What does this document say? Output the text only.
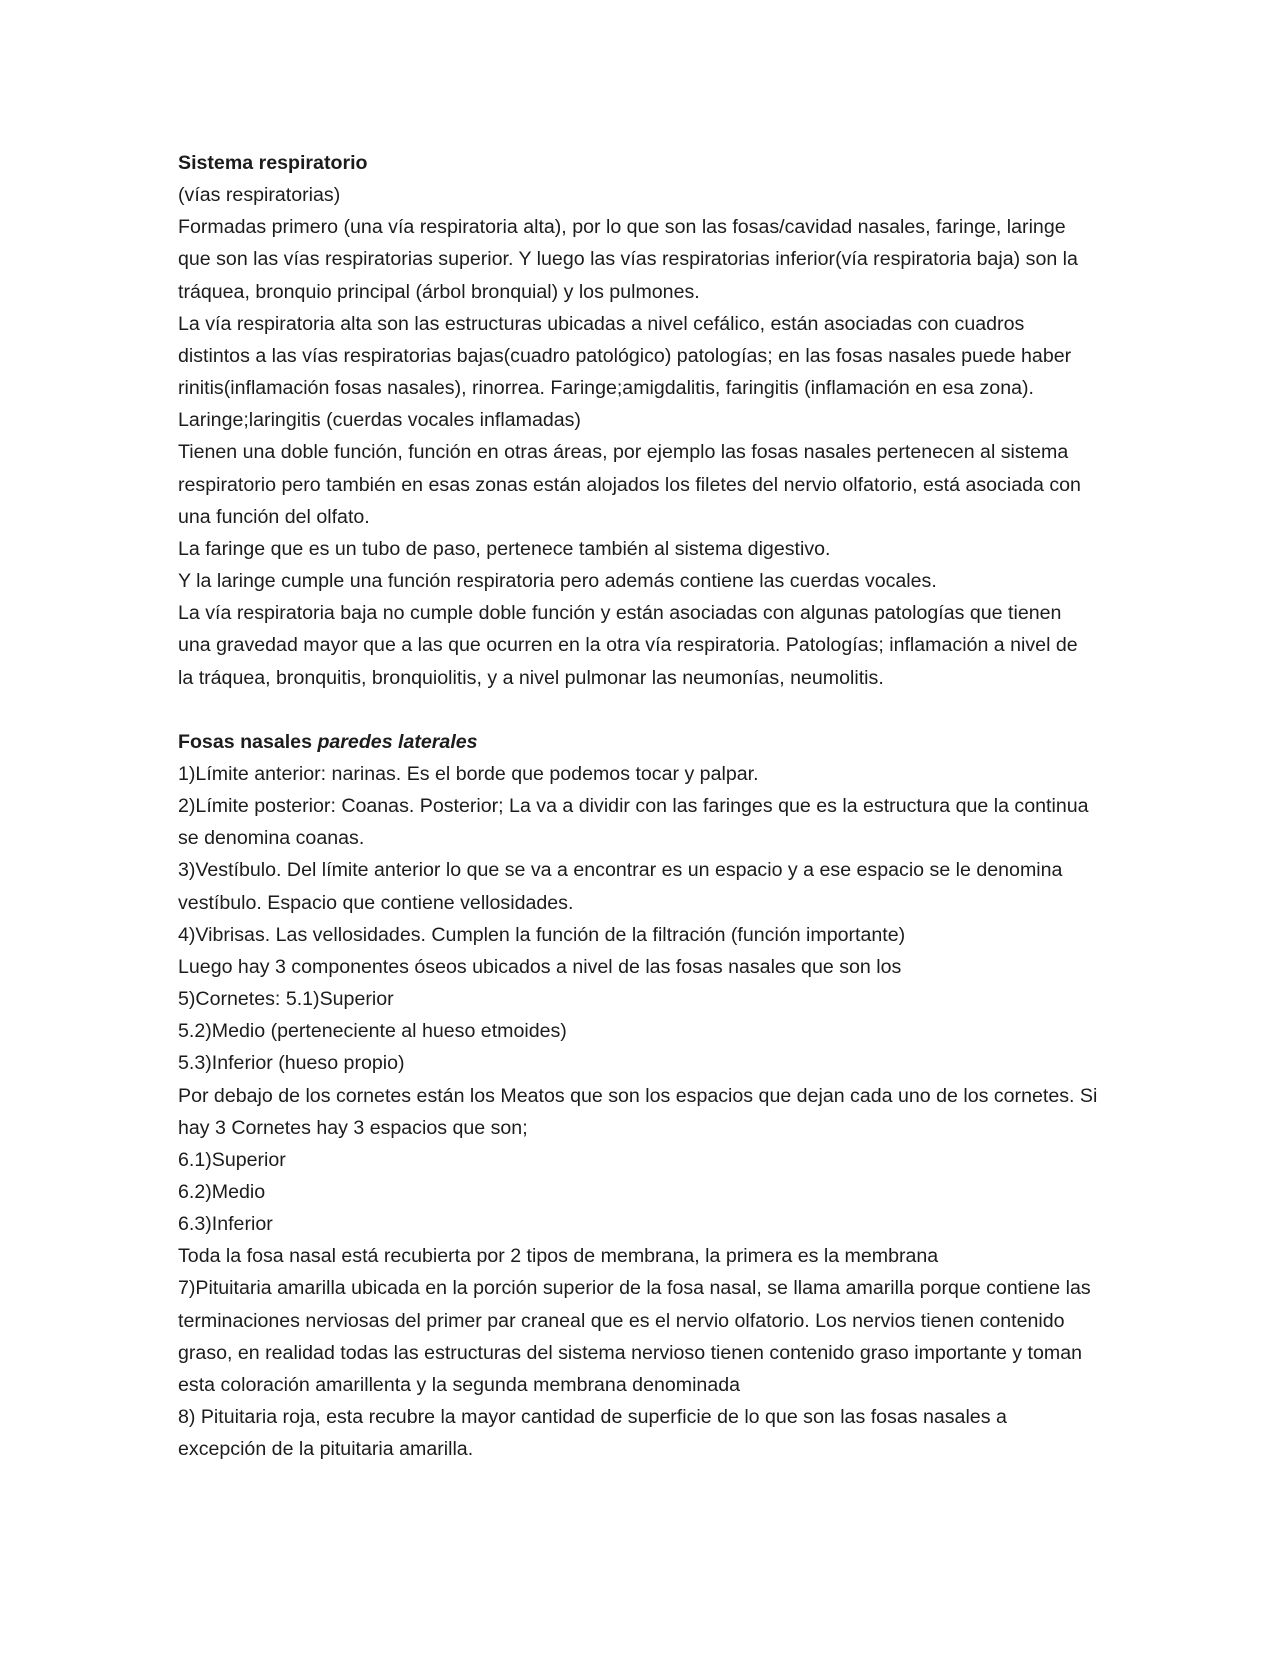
Sistema respiratorio

(vías respiratorias)

Formadas primero (una vía respiratoria alta), por lo que son las fosas/cavidad nasales, faringe, laringe que son las vías respiratorias superior. Y luego las vías respiratorias inferior(vía respiratoria baja) son la tráquea, bronquio principal (árbol bronquial) y los pulmones.

La vía respiratoria alta son las estructuras ubicadas a nivel cefálico, están asociadas con cuadros distintos a las vías respiratorias bajas(cuadro patológico) patologías; en las fosas nasales puede haber rinitis(inflamación fosas nasales), rinorrea. Faringe;amigdalitis, faringitis (inflamación en esa zona). Laringe;laringitis (cuerdas vocales inflamadas)

Tienen una doble función, función en otras áreas, por ejemplo las fosas nasales pertenecen al sistema respiratorio pero también en esas zonas están alojados los filetes del nervio olfatorio, está asociada con una función del olfato.

La faringe que es un tubo de paso, pertenece también al sistema digestivo.

Y la laringe cumple una función respiratoria pero además contiene las cuerdas vocales.

La vía respiratoria baja no cumple doble función y están asociadas con algunas patologías que tienen una gravedad mayor que a las que ocurren en la otra vía respiratoria. Patologías; inflamación a nivel de la tráquea, bronquitis, bronquiolitis, y a nivel pulmonar las neumonías, neumolitis.

Fosas nasales paredes laterales

1)Límite anterior: narinas. Es el borde que podemos tocar y palpar.

2)Límite posterior: Coanas. Posterior; La va a dividir con las faringes que es la estructura que la continua se denomina coanas.

3)Vestíbulo. Del límite anterior lo que se va a encontrar es un espacio y a ese espacio se le denomina vestíbulo. Espacio que contiene vellosidades.

4)Vibrisas. Las vellosidades. Cumplen la función de la filtración (función importante)

Luego hay 3 componentes óseos ubicados a nivel de las fosas nasales que son los

5)Cornetes: 5.1)Superior

5.2)Medio (perteneciente al hueso etmoides)

5.3)Inferior (hueso propio)

Por debajo de los cornetes están los Meatos que son los espacios que dejan cada uno de los cornetes. Si hay 3 Cornetes hay 3 espacios que son;

6.1)Superior

6.2)Medio

6.3)Inferior

Toda la fosa nasal está recubierta por 2 tipos de membrana, la primera es la membrana

7)Pituitaria amarilla ubicada en la porción superior de la fosa nasal, se llama amarilla porque contiene las terminaciones nerviosas del primer par craneal que es el nervio olfatorio. Los nervios tienen contenido graso, en realidad todas las estructuras del sistema nervioso tienen contenido graso importante y toman esta coloración amarillenta y la segunda membrana denominada

8) Pituitaria roja, esta recubre la mayor cantidad de superficie de lo que son las fosas nasales a excepción de la pituitaria amarilla.
